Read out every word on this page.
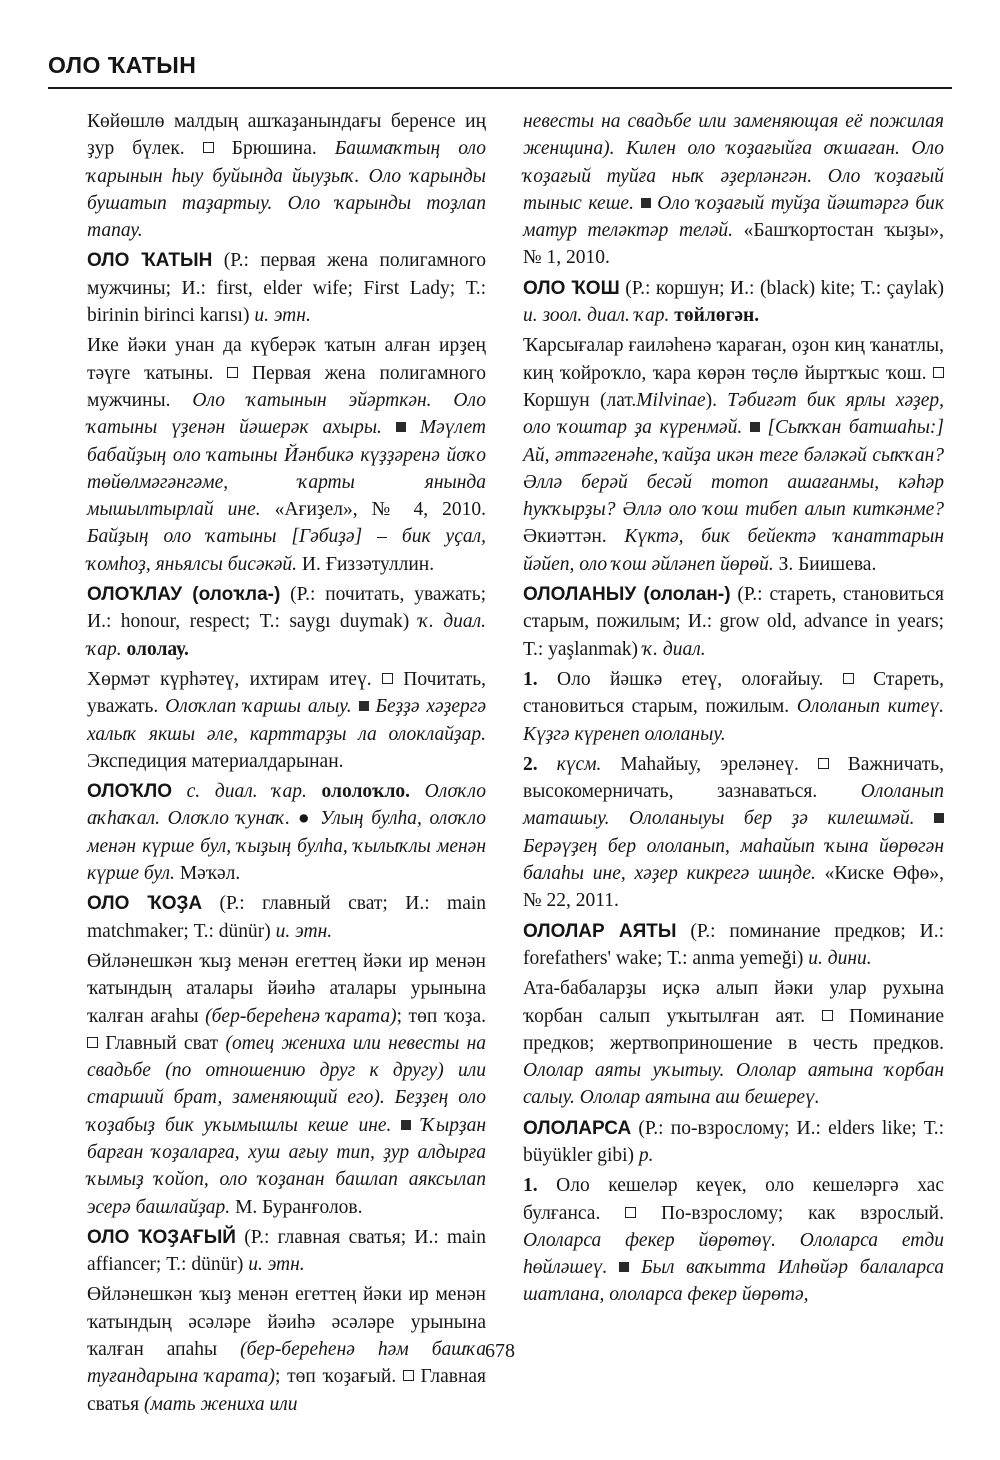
ОЛО ҠАТЫН

Көйөшлө малдың ашҡаҙанындағы беренсе иң ҙур бүлек. Брюшина. Башмаҡтың оло ҡарынын һыу буйында йыуҙыҡ. Оло ҡарынды бушатып таҙартыу. Оло ҡарынды тоҙлап тапау.

ОЛО ҠАТЫН (Р.: первая жена полигамного мужчины; И.: first, elder wife; First Lady; Т.: birinin birinci karısı) и. этн.

Ике йәки унан да күберәк ҡатын алған ирҙең тәүге ҡатыны. Первая жена полигамного мужчины. Оло ҡатынын эйәрткән. Оло ҡатыны үҙенән йәшерәк ахыры. Мәүлет бабайҙың оло ҡатыны Йәнбикә күҙҙәренә йоҡо төйөлмәгәнгәме, ҡарты янында мышылтырлай ине. «Ағиҙел», № 4, 2010. Байҙың оло ҡатыны [Гәбиҙә] – бик уҫал, ҡомһоҙ, яньялсы бисәкәй. И. Ғиззәтуллин.

ОЛОҠЛАУ (олоҡла-) (Р.: почитать, уважать; И.: honour, respect; Т.: saygı duymak) ҡ. диал. ҡар. ололау.

Хөрмәт күрһәтеү, ихтирам итеү. Почитать, уважать. Олоҡлап ҡаршы алыу. Беҙҙә хәҙергә халыҡ якшы әле, карттарҙы ла олоклайҙар. Экспедиция материалдарынан.

ОЛОҠЛО с. диал. ҡар. ололоҡло. Олоҡло аҡһаҡал. Олоҡло ҡунаҡ. ● Улың булһа, олоҡло менән күрше бул, ҡыҙың булһа, ҡылыҡлы менән күрше бул. Мәҡәл.

ОЛО ҠОҘА (Р.: главный сват; И.: main matchmaker; Т.: dünür) и. этн.

Өйләнешкән ҡыҙ менән егеттең йәки ир менән ҡатындың аталары йәиһә аталары урынына ҡалған ағаһы (бер-береһенә ҡарата); төп ҡоҙа.  Главный сват (отец жениха или невесты на свадьбе (по отношению друг к другу) или старший брат, заменяющий его). Беҙҙең оло ҡоҙабыҙ бик уҡымышлы кеше ине. Ҡырҙан барған ҡоҙаларға, хуш ағыу тип, ҙур алдырға ҡымыҙ ҡойоп, оло ҡоҙанан башлап аяксылап эсерә башлайҙар. М. Буранғолов.

ОЛО ҠОҘАҒЫЙ (Р.: главная сватья; И.: main affiancer; Т.: dünür) и. этн.

Өйләнешкән ҡыҙ менән егеттең йәки ир менән ҡатындың әсәләре йәиһә әсәләре урынына ҡалған апаһы (бер-береһенә һәм башҡа туғандарына ҡарата); төп ҡоҙағый. Главная сватья (мать жениха или

невесты на свадьбе или заменяющая её пожилая женщина). Килен оло ҡоҙағыйға оҡшаған. Оло ҡоҙағый туйға ныҡ әҙерләнгән. Оло ҡоҙағый тыныс кеше. Оло ҡоҙағый туйҙа йәштәргә бик матур теләктәр теләй. «Башҡортостан ҡыҙы», № 1, 2010.

ОЛО ҠОШ (Р.: коршун; И.: (black) kite; Т.: çaylak) и. зоол. диал. ҡар. төйлөгән.

Ҡарсығалар ғаиләһенә ҡараған, оҙон киң ҡанатлы, киң ҡойроҡло, ҡара көрән төҫлө йыртҡыс ҡош.  Коршун (лат.Milvinae). Тәбиғәт бик ярлы хәҙер, оло ҡоштар ҙа күренмәй. [Сыҡҡан батшаһы:] Ай, әттәгенәһе, ҡайҙа икән теге бәләкәй сыҡҡан? Әллә берәй бесәй тотоп ашағанмы, кәһәр һуҡҡырҙы? Әллә оло ҡош тибеп алып киткәнме? Әкиәттән. Күктә, бик бейектә ҡанаттарын йәйеп, оло ҡош әйләнеп йөрөй. З. Биишева.

ОЛОЛАНЫУ (ололан-) (Р.: стареть, становиться старым, пожилым; И.: grow old, advance in years; Т.: yaşlanmak) ҡ. диал.

1. Оло йәшкә етеү, олоғайыу.	Стареть, становиться старым, пожилым. Ололанып китеү. Күҙгә күренеп ололаныу.

2. күсм. Маһайыу, эреләнеү.	Важничать, высокомерничать, зазнаваться. Ололанып маташыу. Ололаныуы бер ҙә килешмәй.  Берәүҙең бер ололанып, маһайып ҡына йөрөгән балаһы ине, хәҙер кикрегә шиңде. «Киске Өфө», № 22, 2011.

ОЛОЛАР АЯТЫ (Р.: поминание предков; И.: forefathers' wake; Т.: anma yemeği) и. дини.

Ата-бабаларҙы иҫкә алып йәки улар рухына ҡорбан салып уҡытылған аят. Поминание предков; жертвоприношение в честь предков. Ололар аяты уҡытыу. Ололар аятына ҡорбан салыу. Ололар аятына аш бешереү.

ОЛОЛАРСА (Р.: по-взрослому; И.: elders like; Т.: büyükler gibi) р.

1. Оло кешеләр кеүек, оло кешеләргә хас булғанса.	По-взрослому; как взрослый. Ололарса фекер йөрөтөү. Ололарса етди һөйләшеү. Был ваҡытта Илһөйәр балаларса шатлана, ололарса фекер йөрөтә,

678
